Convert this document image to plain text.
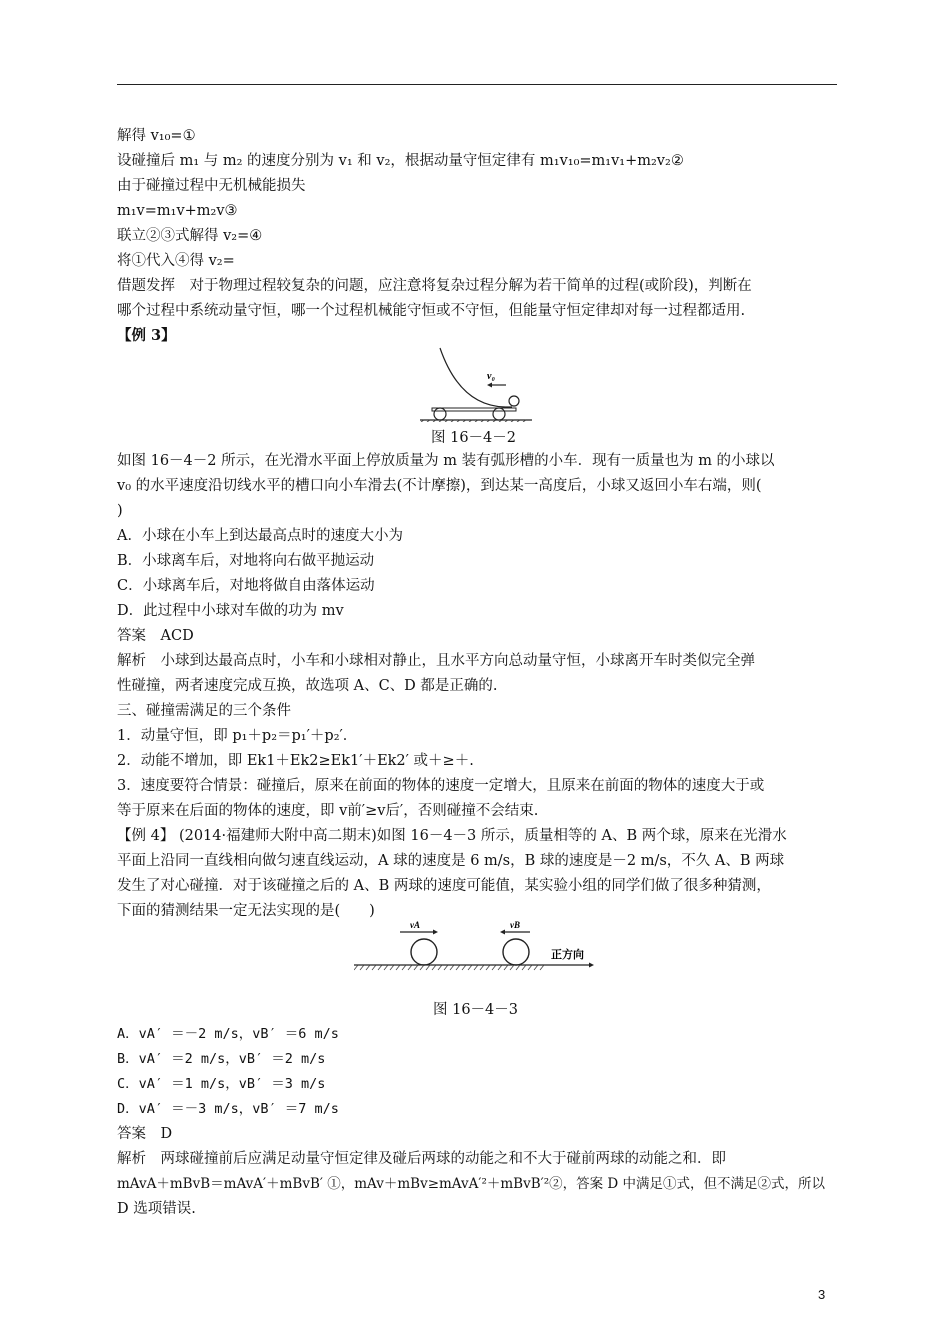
解得 v₁₀=①
设碰撞后 m₁ 与 m₂ 的速度分别为 v₁ 和 v₂，根据动量守恒定律有 m₁v₁₀=m₁v₁+m₂v₂②
由于碰撞过程中无机械能损失
m₁v=m₁v+m₂v③
联立②③式解得 v₂=④
将①代入④得 v₂=
借题发挥　对于物理过程较复杂的问题，应注意将复杂过程分解为若干简单的过程(或阶段)，判断在
哪个过程中系统动量守恒，哪一个过程机械能守恒或不守恒，但能量守恒定律却对每一过程都适用.
【例 3】
v₀
图 16－4－2
如图 16－4－2 所示，在光滑水平面上停放质量为 m 装有弧形槽的小车．现有一质量也为 m 的小球以
v₀ 的水平速度沿切线水平的槽口向小车滑去(不计摩擦)，到达某一高度后，小球又返回小车右端，则(
)
A．小球在小车上到达最高点时的速度大小为
B．小球离车后，对地将向右做平抛运动
C．小球离车后，对地将做自由落体运动
D．此过程中小球对车做的功为 mv
答案　ACD
解析　小球到达最高点时，小车和小球相对静止，且水平方向总动量守恒，小球离开车时类似完全弹
性碰撞，两者速度完成互换，故选项 A、C、D 都是正确的.
三、碰撞需满足的三个条件
1．动量守恒，即 p₁＋p₂＝p₁′＋p₂′．
2．动能不增加，即 Ek1＋Ek2≥Ek1′＋Ek2′ 或＋≥＋.
3．速度要符合情景：碰撞后，原来在前面的物体的速度一定增大，且原来在前面的物体的速度大于或
等于原来在后面的物体的速度，即 v前′≥v后′，否则碰撞不会结束.
【例 4】 (2014·福建师大附中高二期末)如图 16－4－3 所示，质量相等的 A、B 两个球，原来在光滑水
平面上沿同一直线相向做匀速直线运动，A 球的速度是 6 m/s，B 球的速度是－2 m/s，不久 A、B 两球
发生了对心碰撞．对于该碰撞之后的 A、B 两球的速度可能值，某实验小组的同学们做了很多种猜测，
下面的猜测结果一定无法实现的是(　　)
vA	vB
正方向
图 16－4－3
A．vA′ ＝－2 m/s，vB′ ＝6 m/s
B．vA′ ＝2 m/s，vB′ ＝2 m/s
C．vA′ ＝1 m/s，vB′ ＝3 m/s
D．vA′ ＝－3 m/s，vB′ ＝7 m/s
答案　D
解析　两球碰撞前后应满足动量守恒定律及碰后两球的动能之和不大于碰前两球的动能之和．即
mAvA＋mBvB＝mAvA′＋mBvB′ ①，mAv＋mBv≥mAvA′²＋mBvB′²②，答案 D 中满足①式，但不满足②式，所以
D 选项错误.
3
